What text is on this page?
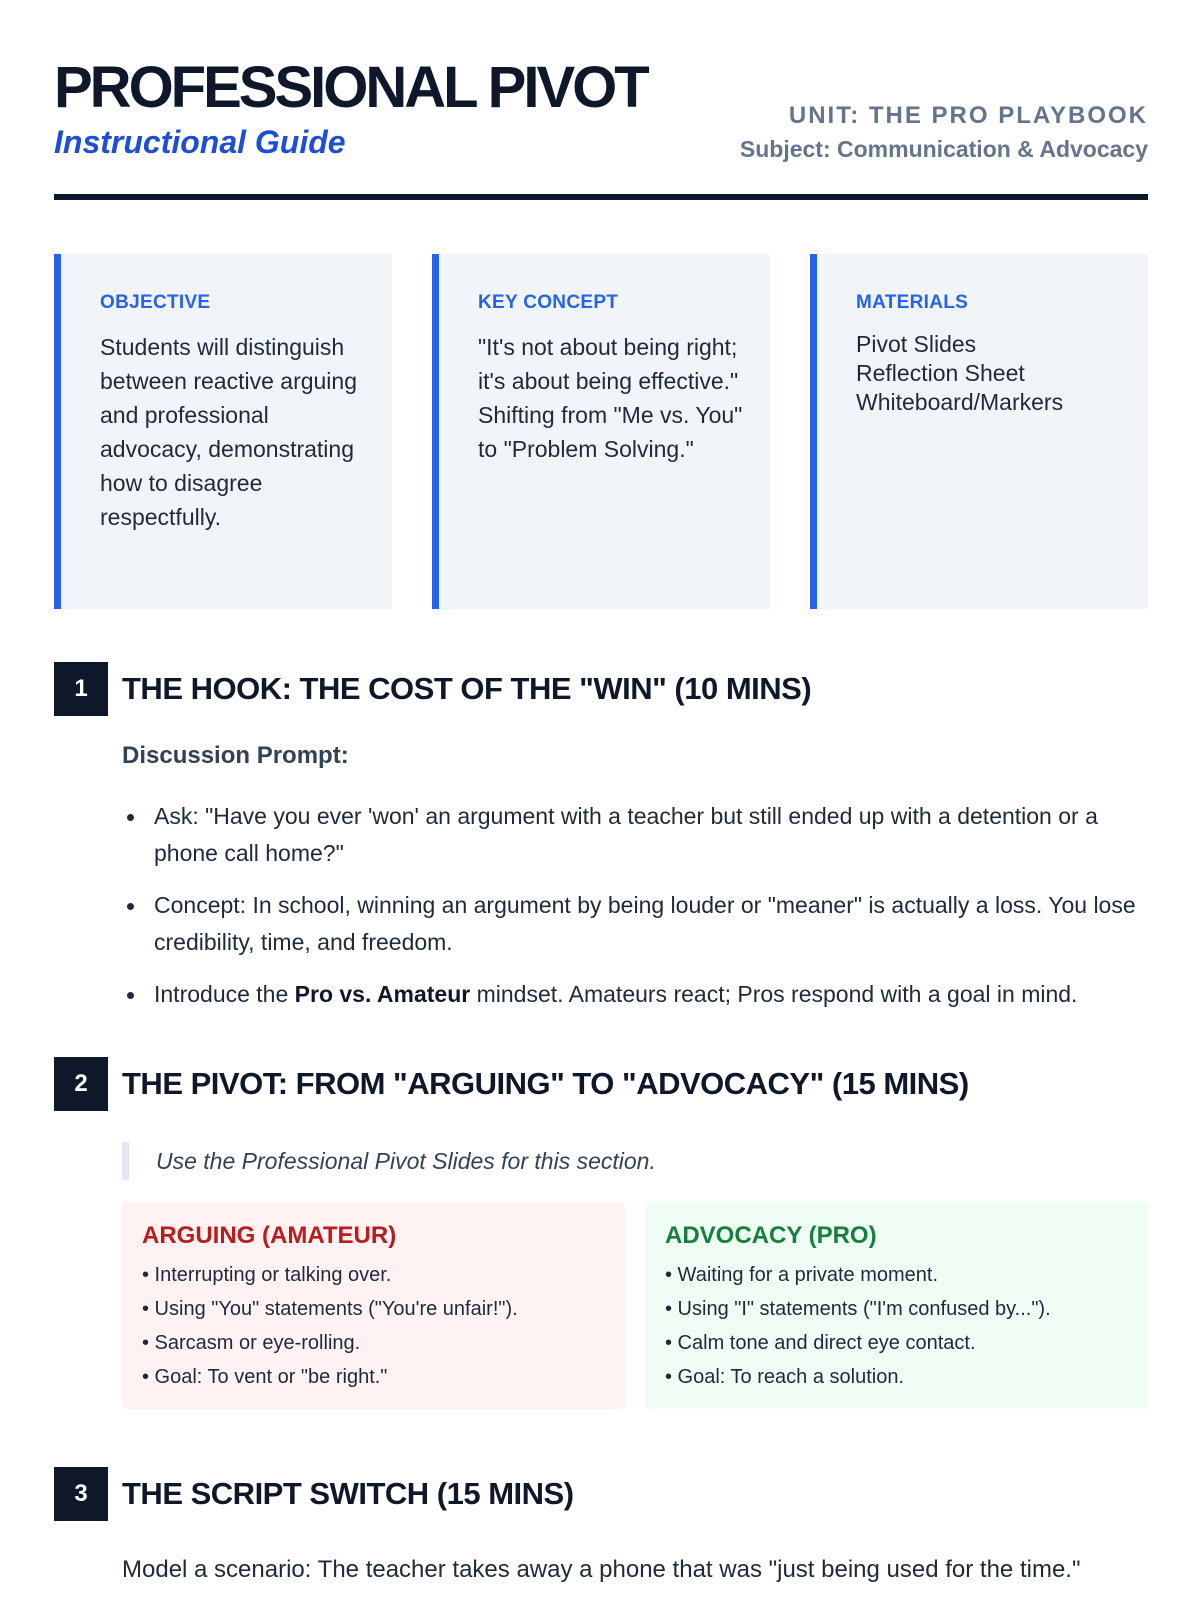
PROFESSIONAL PIVOT
Instructional Guide
UNIT: THE PRO PLAYBOOK
Subject: Communication & Advocacy
OBJECTIVE
Students will distinguish between reactive arguing and professional advocacy, demonstrating how to disagree respectfully.
KEY CONCEPT
"It's not about being right; it's about being effective." Shifting from "Me vs. You" to "Problem Solving."
MATERIALS
Pivot Slides
Reflection Sheet
Whiteboard/Markers
1	THE HOOK: THE COST OF THE "WIN" (10 MINS)
Discussion Prompt:
Ask: "Have you ever 'won' an argument with a teacher but still ended up with a detention or a phone call home?"
Concept: In school, winning an argument by being louder or "meaner" is actually a loss. You lose credibility, time, and freedom.
Introduce the Pro vs. Amateur mindset. Amateurs react; Pros respond with a goal in mind.
2	THE PIVOT: FROM "ARGUING" TO "ADVOCACY" (15 MINS)
Use the Professional Pivot Slides for this section.
ARGUING (AMATEUR)
• Interrupting or talking over.
• Using "You" statements ("You're unfair!").
• Sarcasm or eye-rolling.
• Goal: To vent or "be right."
ADVOCACY (PRO)
• Waiting for a private moment.
• Using "I" statements ("I'm confused by...").
• Calm tone and direct eye contact.
• Goal: To reach a solution.
3	THE SCRIPT SWITCH (15 MINS)
Model a scenario: The teacher takes away a phone that was "just being used for the time."
